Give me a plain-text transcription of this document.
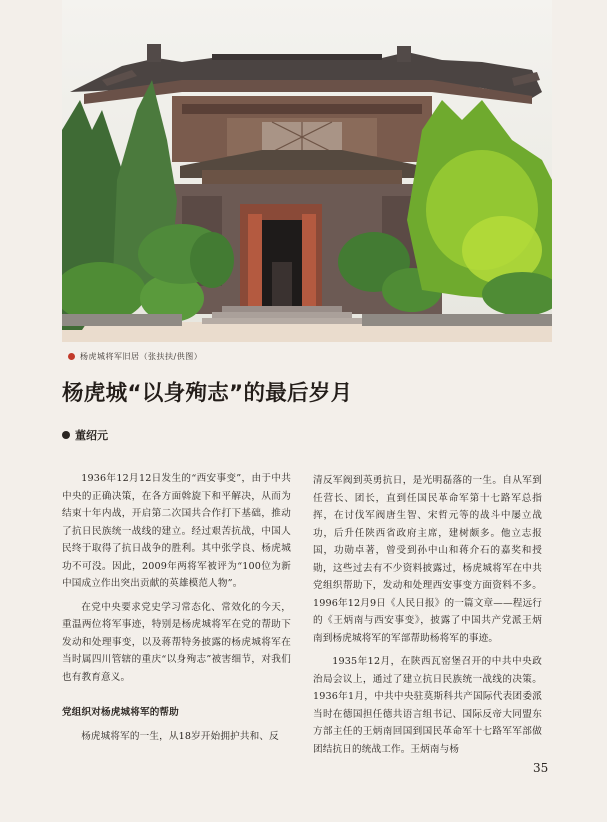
杨虎城将军旧居（张扶扶/供图）
杨虎城“以身殉志”的最后岁月
董绍元

1936年12月12日发生的“西安事变”，由于中共中央的正确决策，在各方面斡旋下和平解决，从而为结束十年内战，开启第二次国共合作打下基础，推动了抗日民族统一战线的建立。经过艰苦抗战，中国人民终于取得了抗日战争的胜利。其中张学良、杨虎城功不可没。因此，2009年两将军被评为“100位为新中国成立作出突出贡献的英雄模范人物”。

在党中央要求党史学习常态化、常效化的今天，重温两位将军事迹，特别是杨虎城将军在党的帮助下发动和处理事变，以及蒋帮特务披露的杨虎城将军在当时属四川管辖的重庆“以身殉志”被害细节，对我们也有教育意义。

党组织对杨虎城将军的帮助

杨虎城将军的一生，从18岁开始拥护共和、反

清反军阀到英勇抗日，是光明磊落的一生。自从军到任营长、团长，直到任国民革命军第十七路军总指挥，在讨伐军阀唐生智、宋哲元等的战斗中屡立战功，后升任陕西省政府主席，建树颇多。他立志报国，功勋卓著，曾受到孙中山和蒋介石的嘉奖和授勋，这些过去有不少资料披露过，杨虎城将军在中共党组织帮助下，发动和处理西安事变方面资料不多。1996年12月9日《人民日报》的一篇文章——程远行的《王炳南与西安事变》，披露了中国共产党派王炳南到杨虎城将军的军部帮助杨将军的事迹。

1935年12月，在陕西瓦窑堡召开的中共中央政治局会议上，通过了建立抗日民族统一战线的决策。1936年1月，中共中央驻莫斯科共产国际代表团委派当时在德国担任德共语言组书记、国际反帝大同盟东方部主任的王炳南回国到国民革命军十七路军军部做团结抗日的统战工作。王炳南与杨

35
